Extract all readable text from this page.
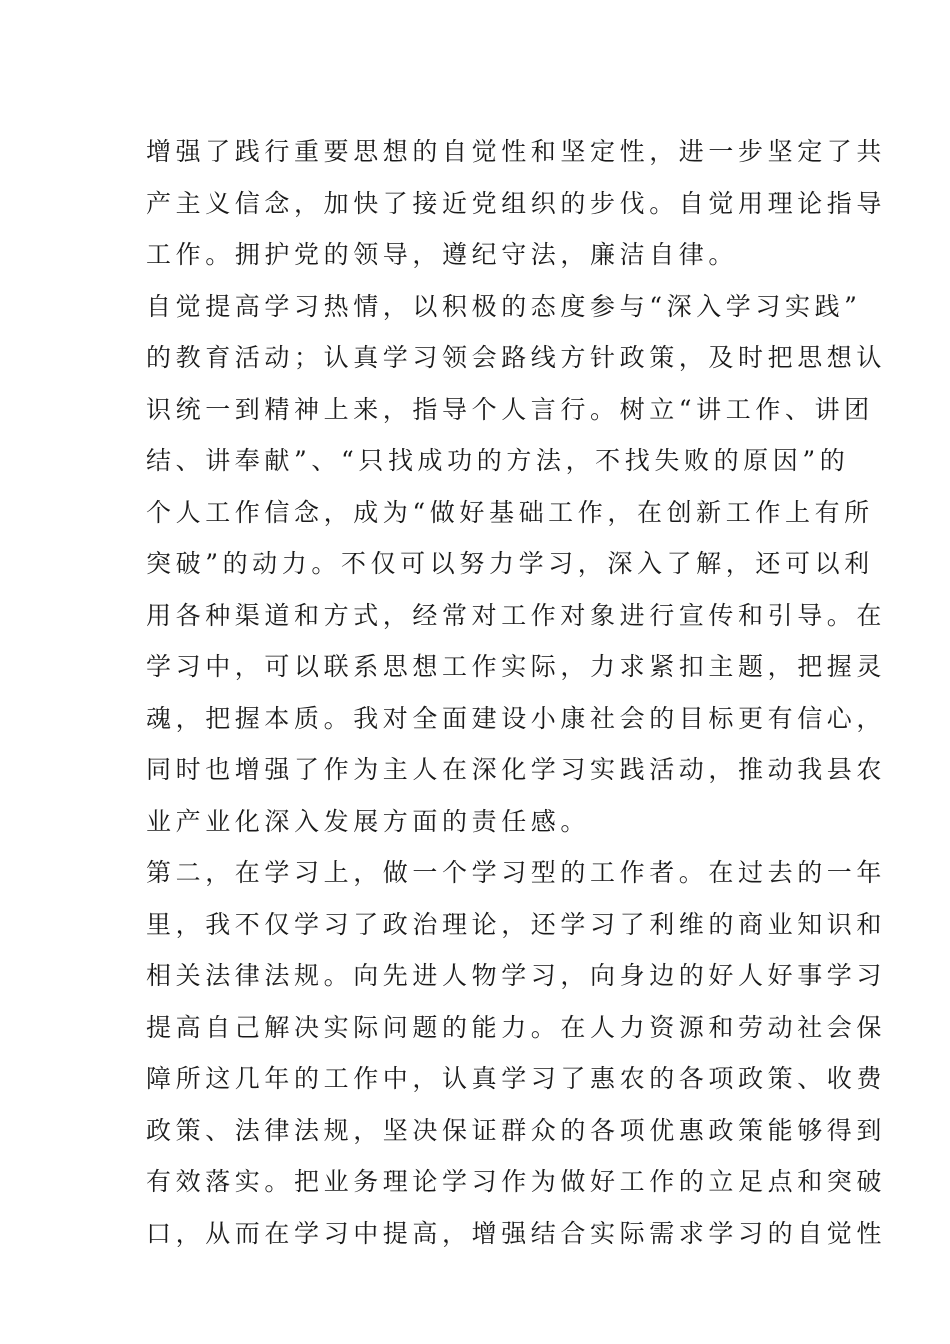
增强了践行重要思想的自觉性和坚定性，进一步坚定了共
产主义信念，加快了接近党组织的步伐。自觉用理论指导
工作。拥护党的领导，遵纪守法，廉洁自律。
自觉提高学习热情，以积极的态度参与“深入学习实践”
的教育活动；认真学习领会路线方针政策，及时把思想认
识统一到精神上来，指导个人言行。树立“讲工作、讲团
结、讲奉献”、“只找成功的方法，不找失败的原因”的
个人工作信念，成为“做好基础工作，在创新工作上有所
突破”的动力。不仅可以努力学习，深入了解，还可以利
用各种渠道和方式，经常对工作对象进行宣传和引导。在
学习中，可以联系思想工作实际，力求紧扣主题，把握灵
魂，把握本质。我对全面建设小康社会的目标更有信心，
同时也增强了作为主人在深化学习实践活动，推动我县农
业产业化深入发展方面的责任感。
第二，在学习上，做一个学习型的工作者。在过去的一年
里，我不仅学习了政治理论，还学习了利维的商业知识和
相关法律法规。向先进人物学习，向身边的好人好事学习
提高自己解决实际问题的能力。在人力资源和劳动社会保
障所这几年的工作中，认真学习了惠农的各项政策、收费
政策、法律法规，坚决保证群众的各项优惠政策能够得到
有效落实。把业务理论学习作为做好工作的立足点和突破
口，从而在学习中提高，增强结合实际需求学习的自觉性
